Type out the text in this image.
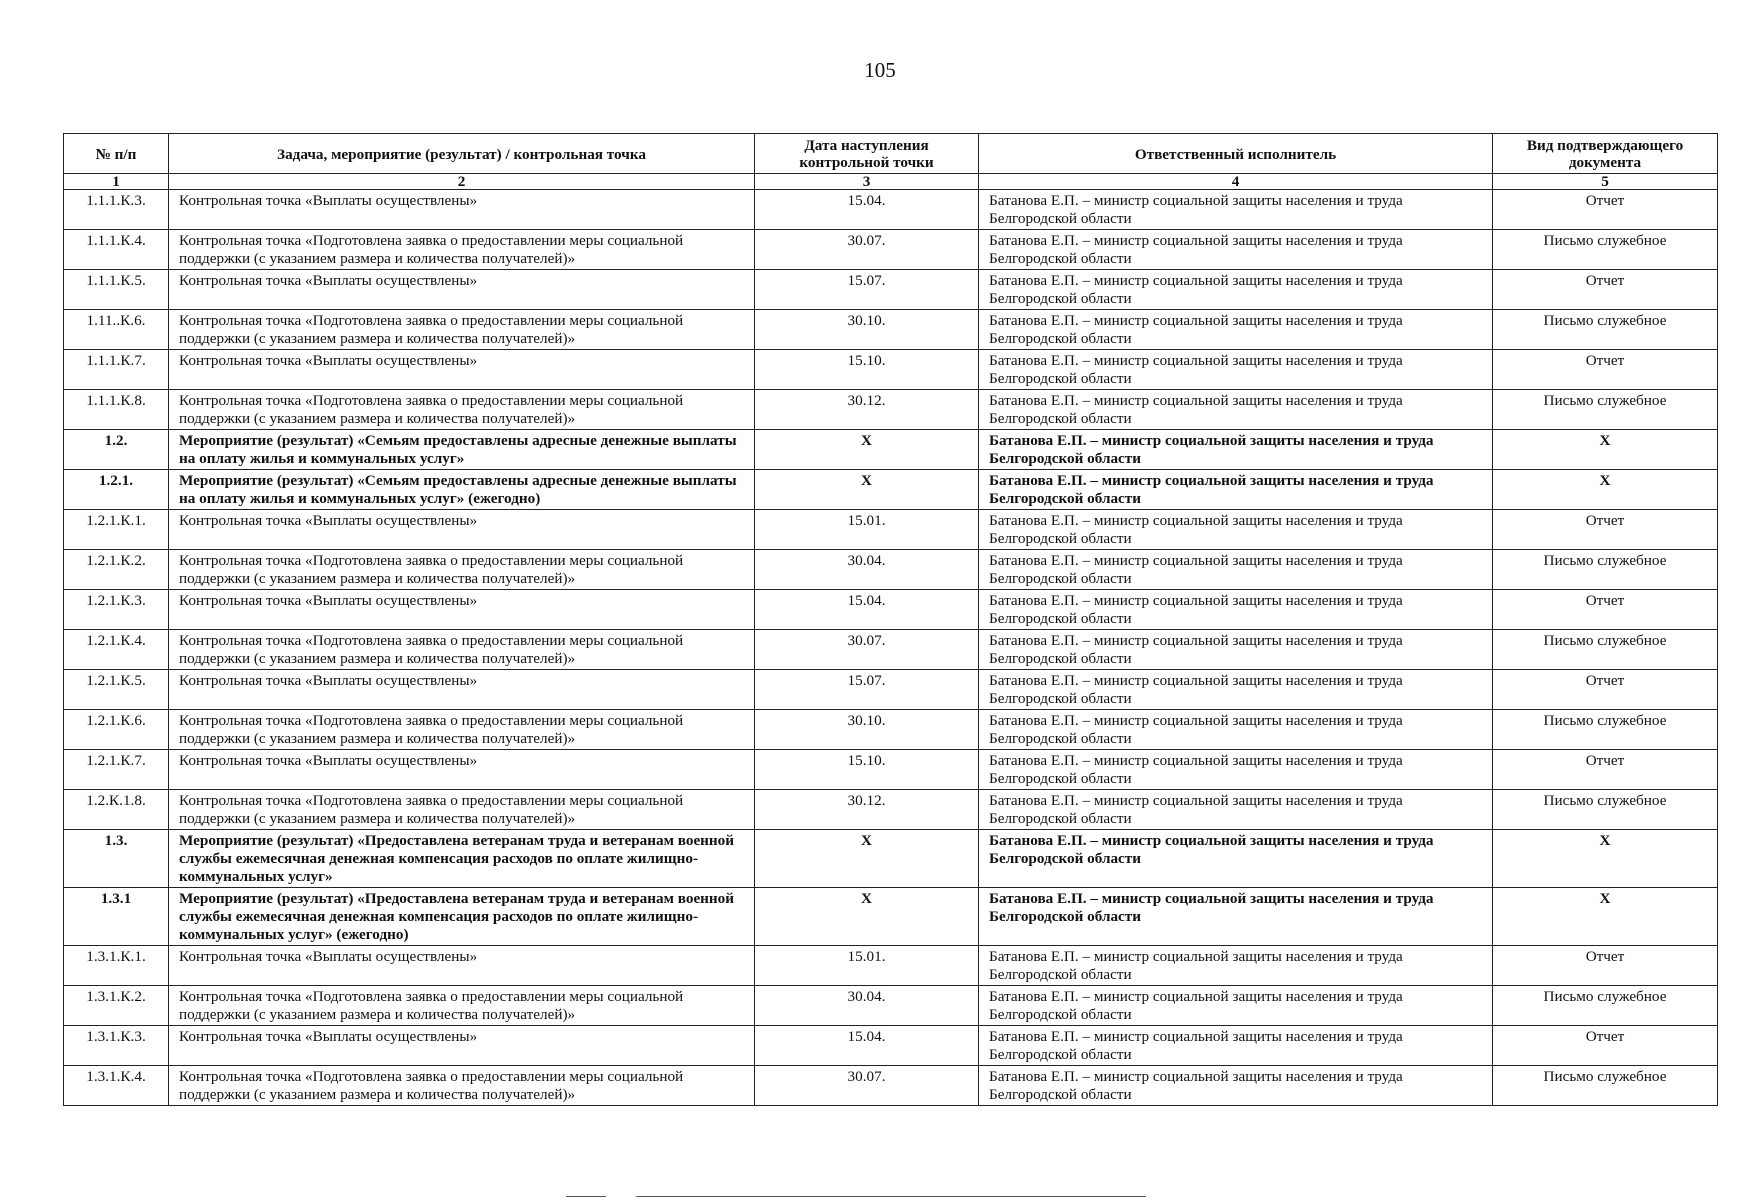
105
№ п/п	Задача, мероприятие (результат) / контрольная точка	Дата наступления контрольной точки	Ответственный исполнитель	Вид подтверждающего документа
1	2	3	4	5
1.1.1.К.3.	Контрольная точка «Выплаты осуществлены»	15.04.	Батанова Е.П. – министр социальной защиты населения и труда Белгородской области	Отчет
1.1.1.К.4.	Контрольная точка «Подготовлена заявка о предоставлении меры социальной поддержки (с указанием размера и количества получателей)»	30.07.	Батанова Е.П. – министр социальной защиты населения и труда Белгородской области	Письмо служебное
1.1.1.К.5.	Контрольная точка «Выплаты осуществлены»	15.07.	Батанова Е.П. – министр социальной защиты населения и труда Белгородской области	Отчет
1.11..К.6.	Контрольная точка «Подготовлена заявка о предоставлении меры социальной поддержки (с указанием размера и количества получателей)»	30.10.	Батанова Е.П. – министр социальной защиты населения и труда Белгородской области	Письмо служебное
1.1.1.К.7.	Контрольная точка «Выплаты осуществлены»	15.10.	Батанова Е.П. – министр социальной защиты населения и труда Белгородской области	Отчет
1.1.1.К.8.	Контрольная точка «Подготовлена заявка о предоставлении меры социальной поддержки (с указанием размера и количества получателей)»	30.12.	Батанова Е.П. – министр социальной защиты населения и труда Белгородской области	Письмо служебное
1.2.	Мероприятие (результат) «Семьям предоставлены адресные денежные выплаты на оплату жилья и коммунальных услуг»	X	Батанова Е.П. – министр социальной защиты населения и труда Белгородской области	X
1.2.1.	Мероприятие (результат) «Семьям предоставлены адресные денежные выплаты на оплату жилья и коммунальных услуг» (ежегодно)	X	Батанова Е.П. – министр социальной защиты населения и труда Белгородской области	X
1.2.1.К.1.	Контрольная точка «Выплаты осуществлены»	15.01.	Батанова Е.П. – министр социальной защиты населения и труда Белгородской области	Отчет
1.2.1.К.2.	Контрольная точка «Подготовлена заявка о предоставлении меры социальной поддержки (с указанием размера и количества получателей)»	30.04.	Батанова Е.П. – министр социальной защиты населения и труда Белгородской области	Письмо служебное
1.2.1.К.3.	Контрольная точка «Выплаты осуществлены»	15.04.	Батанова Е.П. – министр социальной защиты населения и труда Белгородской области	Отчет
1.2.1.К.4.	Контрольная точка «Подготовлена заявка о предоставлении меры социальной поддержки (с указанием размера и количества получателей)»	30.07.	Батанова Е.П. – министр социальной защиты населения и труда Белгородской области	Письмо служебное
1.2.1.К.5.	Контрольная точка «Выплаты осуществлены»	15.07.	Батанова Е.П. – министр социальной защиты населения и труда Белгородской области	Отчет
1.2.1.К.6.	Контрольная точка «Подготовлена заявка о предоставлении меры социальной поддержки (с указанием размера и количества получателей)»	30.10.	Батанова Е.П. – министр социальной защиты населения и труда Белгородской области	Письмо служебное
1.2.1.К.7.	Контрольная точка «Выплаты осуществлены»	15.10.	Батанова Е.П. – министр социальной защиты населения и труда Белгородской области	Отчет
1.2.К.1.8.	Контрольная точка «Подготовлена заявка о предоставлении меры социальной поддержки (с указанием размера и количества получателей)»	30.12.	Батанова Е.П. – министр социальной защиты населения и труда Белгородской области	Письмо служебное
1.3.	Мероприятие (результат) «Предоставлена ветеранам труда и ветеранам военной службы ежемесячная денежная компенсация расходов по оплате жилищно-коммунальных услуг»	X	Батанова Е.П. – министр социальной защиты населения и труда Белгородской области	X
1.3.1	Мероприятие (результат) «Предоставлена ветеранам труда и ветеранам военной службы ежемесячная денежная компенсация расходов по оплате жилищно-коммунальных услуг» (ежегодно)	X	Батанова Е.П. – министр социальной защиты населения и труда Белгородской области	X
1.3.1.К.1.	Контрольная точка «Выплаты осуществлены»	15.01.	Батанова Е.П. – министр социальной защиты населения и труда Белгородской области	Отчет
1.3.1.К.2.	Контрольная точка «Подготовлена заявка о предоставлении меры социальной поддержки (с указанием размера и количества получателей)»	30.04.	Батанова Е.П. – министр социальной защиты населения и труда Белгородской области	Письмо служебное
1.3.1.К.3.	Контрольная точка «Выплаты осуществлены»	15.04.	Батанова Е.П. – министр социальной защиты населения и труда Белгородской области	Отчет
1.3.1.К.4.	Контрольная точка «Подготовлена заявка о предоставлении меры социальной поддержки (с указанием размера и количества получателей)»	30.07.	Батанова Е.П. – министр социальной защиты населения и труда Белгородской области	Письмо служебное
